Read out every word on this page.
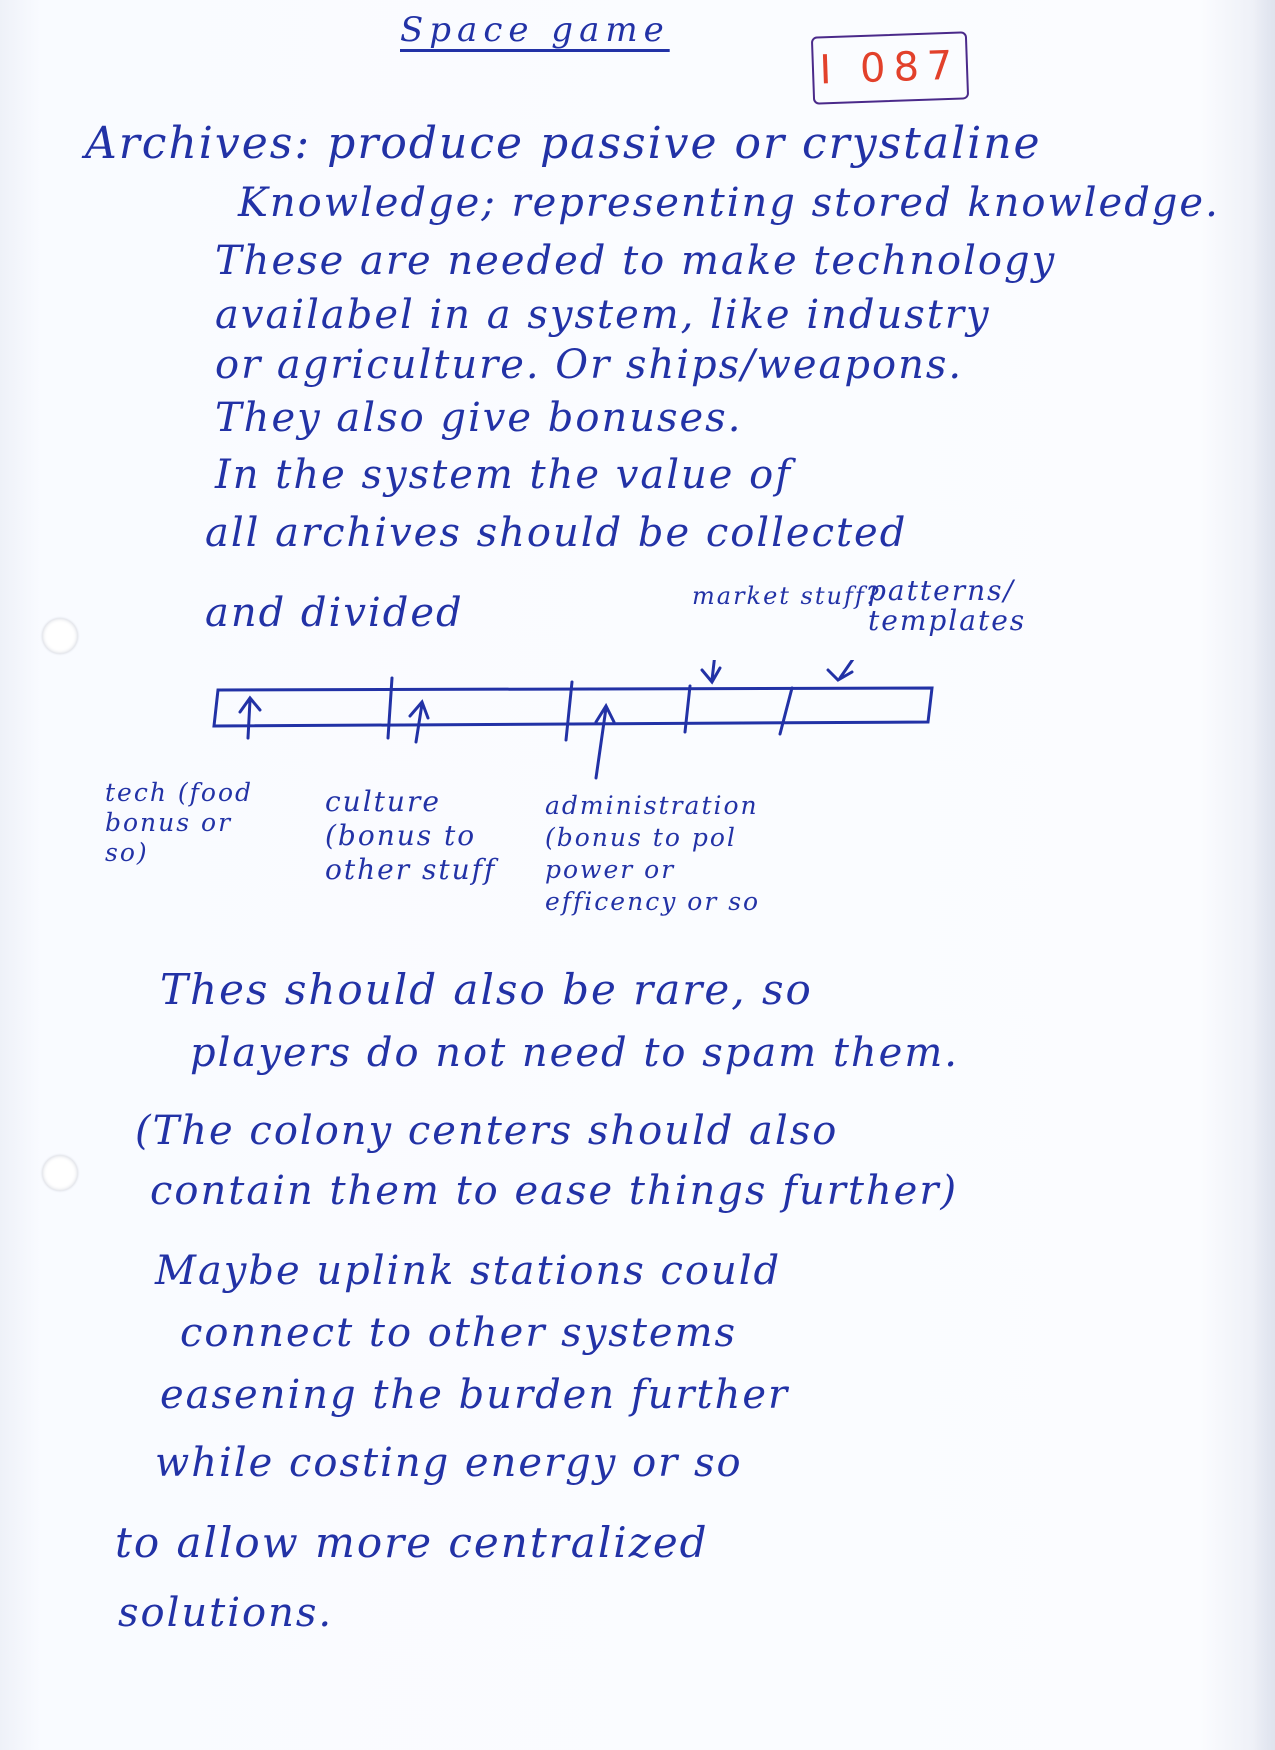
Space game
I 087
Archives: produce passive or crystaline
Knowledge; representing stored knowledge.
These are needed to make technology
availabel in a system, like industry
or agriculture. Or ships/weapons.
They also give bonuses.
In the system the value of
all archives should be collected
and divided	market stuff?
patterns/ templates
tech (food bonus or so)
culture (bonus to other stuff
administration (bonus to pol power or efficency or so
Thes should also be rare, so
players do not need to spam them.
(The colony centers should also
contain them to ease things further)
Maybe uplink stations could
connect to other systems
easening the burden further
while costing energy or so
to allow more centralized
solutions.
